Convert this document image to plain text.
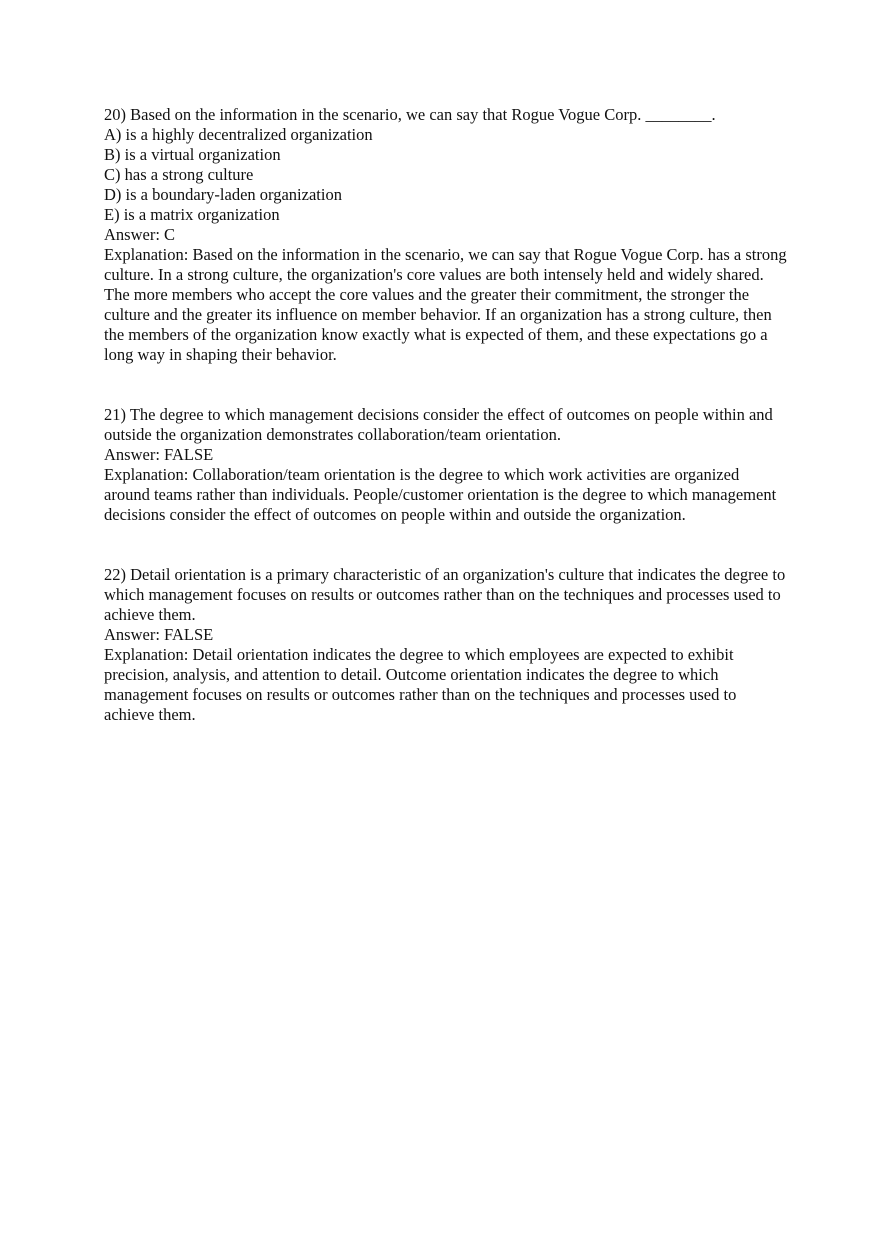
20) Based on the information in the scenario, we can say that Rogue Vogue Corp. ________.

A) is a highly decentralized organization

B) is a virtual organization

C) has a strong culture

D) is a boundary-laden organization

E) is a matrix organization

Answer: C

Explanation: Based on the information in the scenario, we can say that Rogue Vogue Corp. has a strong culture. In a strong culture, the organization's core values are both intensely held and widely shared. The more members who accept the core values and the greater their commitment, the stronger the culture and the greater its influence on member behavior. If an organization has a strong culture, then the members of the organization know exactly what is expected of them, and these expectations go a long way in shaping their behavior.

21) The degree to which management decisions consider the effect of outcomes on people within and outside the organization demonstrates collaboration/team orientation.

Answer: FALSE

Explanation: Collaboration/team orientation is the degree to which work activities are organized around teams rather than individuals. People/customer orientation is the degree to which management decisions consider the effect of outcomes on people within and outside the organization.

22) Detail orientation is a primary characteristic of an organization's culture that indicates the degree to which management focuses on results or outcomes rather than on the techniques and processes used to achieve them.

Answer: FALSE

Explanation: Detail orientation indicates the degree to which employees are expected to exhibit precision, analysis, and attention to detail. Outcome orientation indicates the degree to which management focuses on results or outcomes rather than on the techniques and processes used to achieve them.
